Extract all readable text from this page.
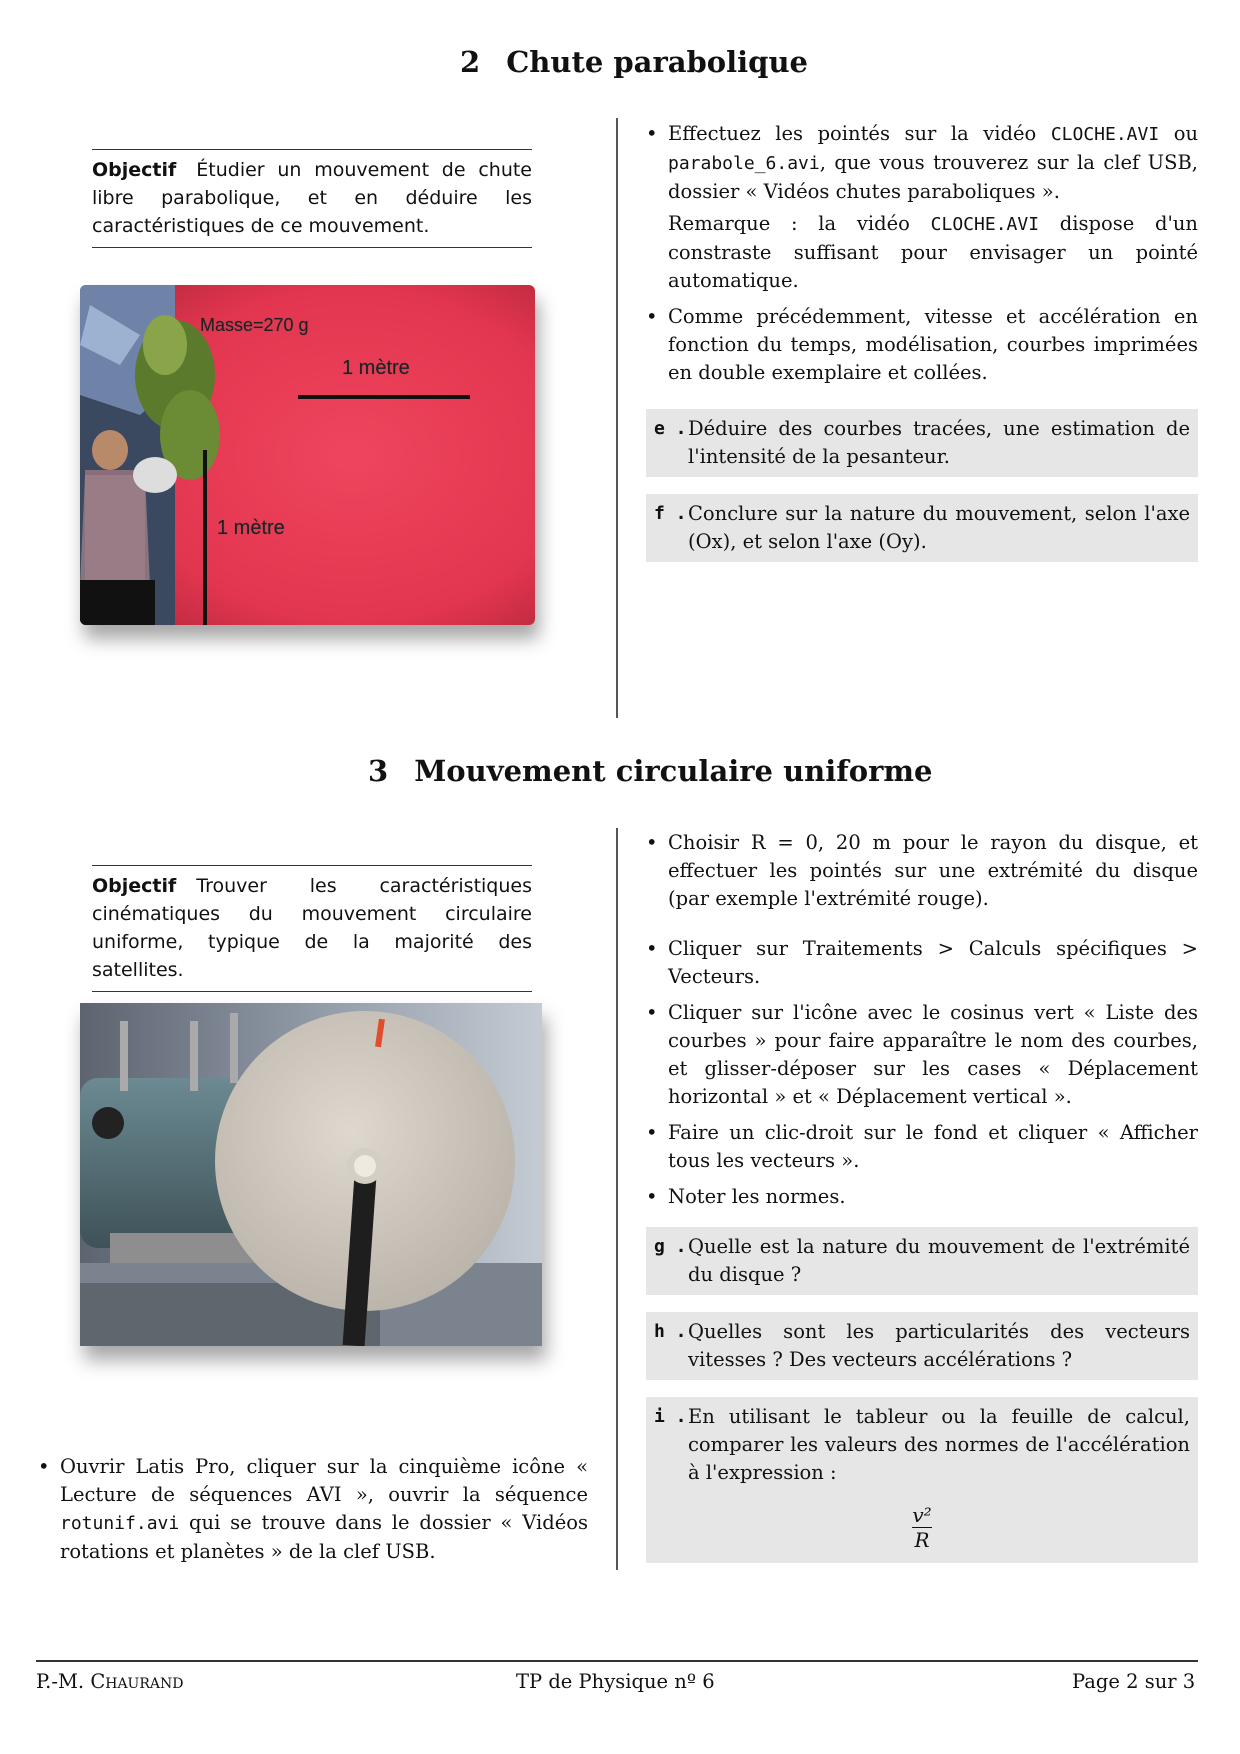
2 Chute parabolique
Objectif Étudier un mouvement de chute libre parabolique, et en déduire les caractéristiques de ce mouvement.
Masse=270 g
1 mètre
1 mètre
• Effectuez les pointés sur la vidéo CLOCHE.AVI ou parabole_6.avi, que vous trouverez sur la clef USB, dossier « Vidéos chutes paraboliques ».
Remarque : la vidéo CLOCHE.AVI dispose d'un constraste suffisant pour envisager un pointé automatique.
• Comme précédemment, vitesse et accélération en fonction du temps, modélisation, courbes imprimées en double exemplaire et collées.
e . Déduire des courbes tracées, une estimation de l'intensité de la pesanteur.
f . Conclure sur la nature du mouvement, selon l'axe (Ox), et selon l'axe (Oy).
3 Mouvement circulaire uniforme
Objectif Trouver les caractéristiques cinématiques du mouvement circulaire uniforme, typique de la majorité des satellites.
• Ouvrir Latis Pro, cliquer sur la cinquième icône « Lecture de séquences AVI », ouvrir la séquence rotunif.avi qui se trouve dans le dossier « Vidéos rotations et planètes » de la clef USB.
• Choisir R = 0, 20 m pour le rayon du disque, et effectuer les pointés sur une extrémité du disque (par exemple l'extrémité rouge).
• Cliquer sur Traitements > Calculs spécifiques > Vecteurs.
• Cliquer sur l'icône avec le cosinus vert « Liste des courbes » pour faire apparaître le nom des courbes, et glisser-déposer sur les cases « Déplacement horizontal » et « Déplacement vertical ».
• Faire un clic-droit sur le fond et cliquer « Afficher tous les vecteurs ».
• Noter les normes.
g . Quelle est la nature du mouvement de l'extrémité du disque ?
h . Quelles sont les particularités des vecteurs vitesses ? Des vecteurs accélérations ?
i . En utilisant le tableur ou la feuille de calcul, comparer les valeurs des normes de l'accélération à l'expression :
$\frac{\text{v²}}{R}$
P.-M. Chaurand	TP de Physique nº 6	Page 2 sur 3
